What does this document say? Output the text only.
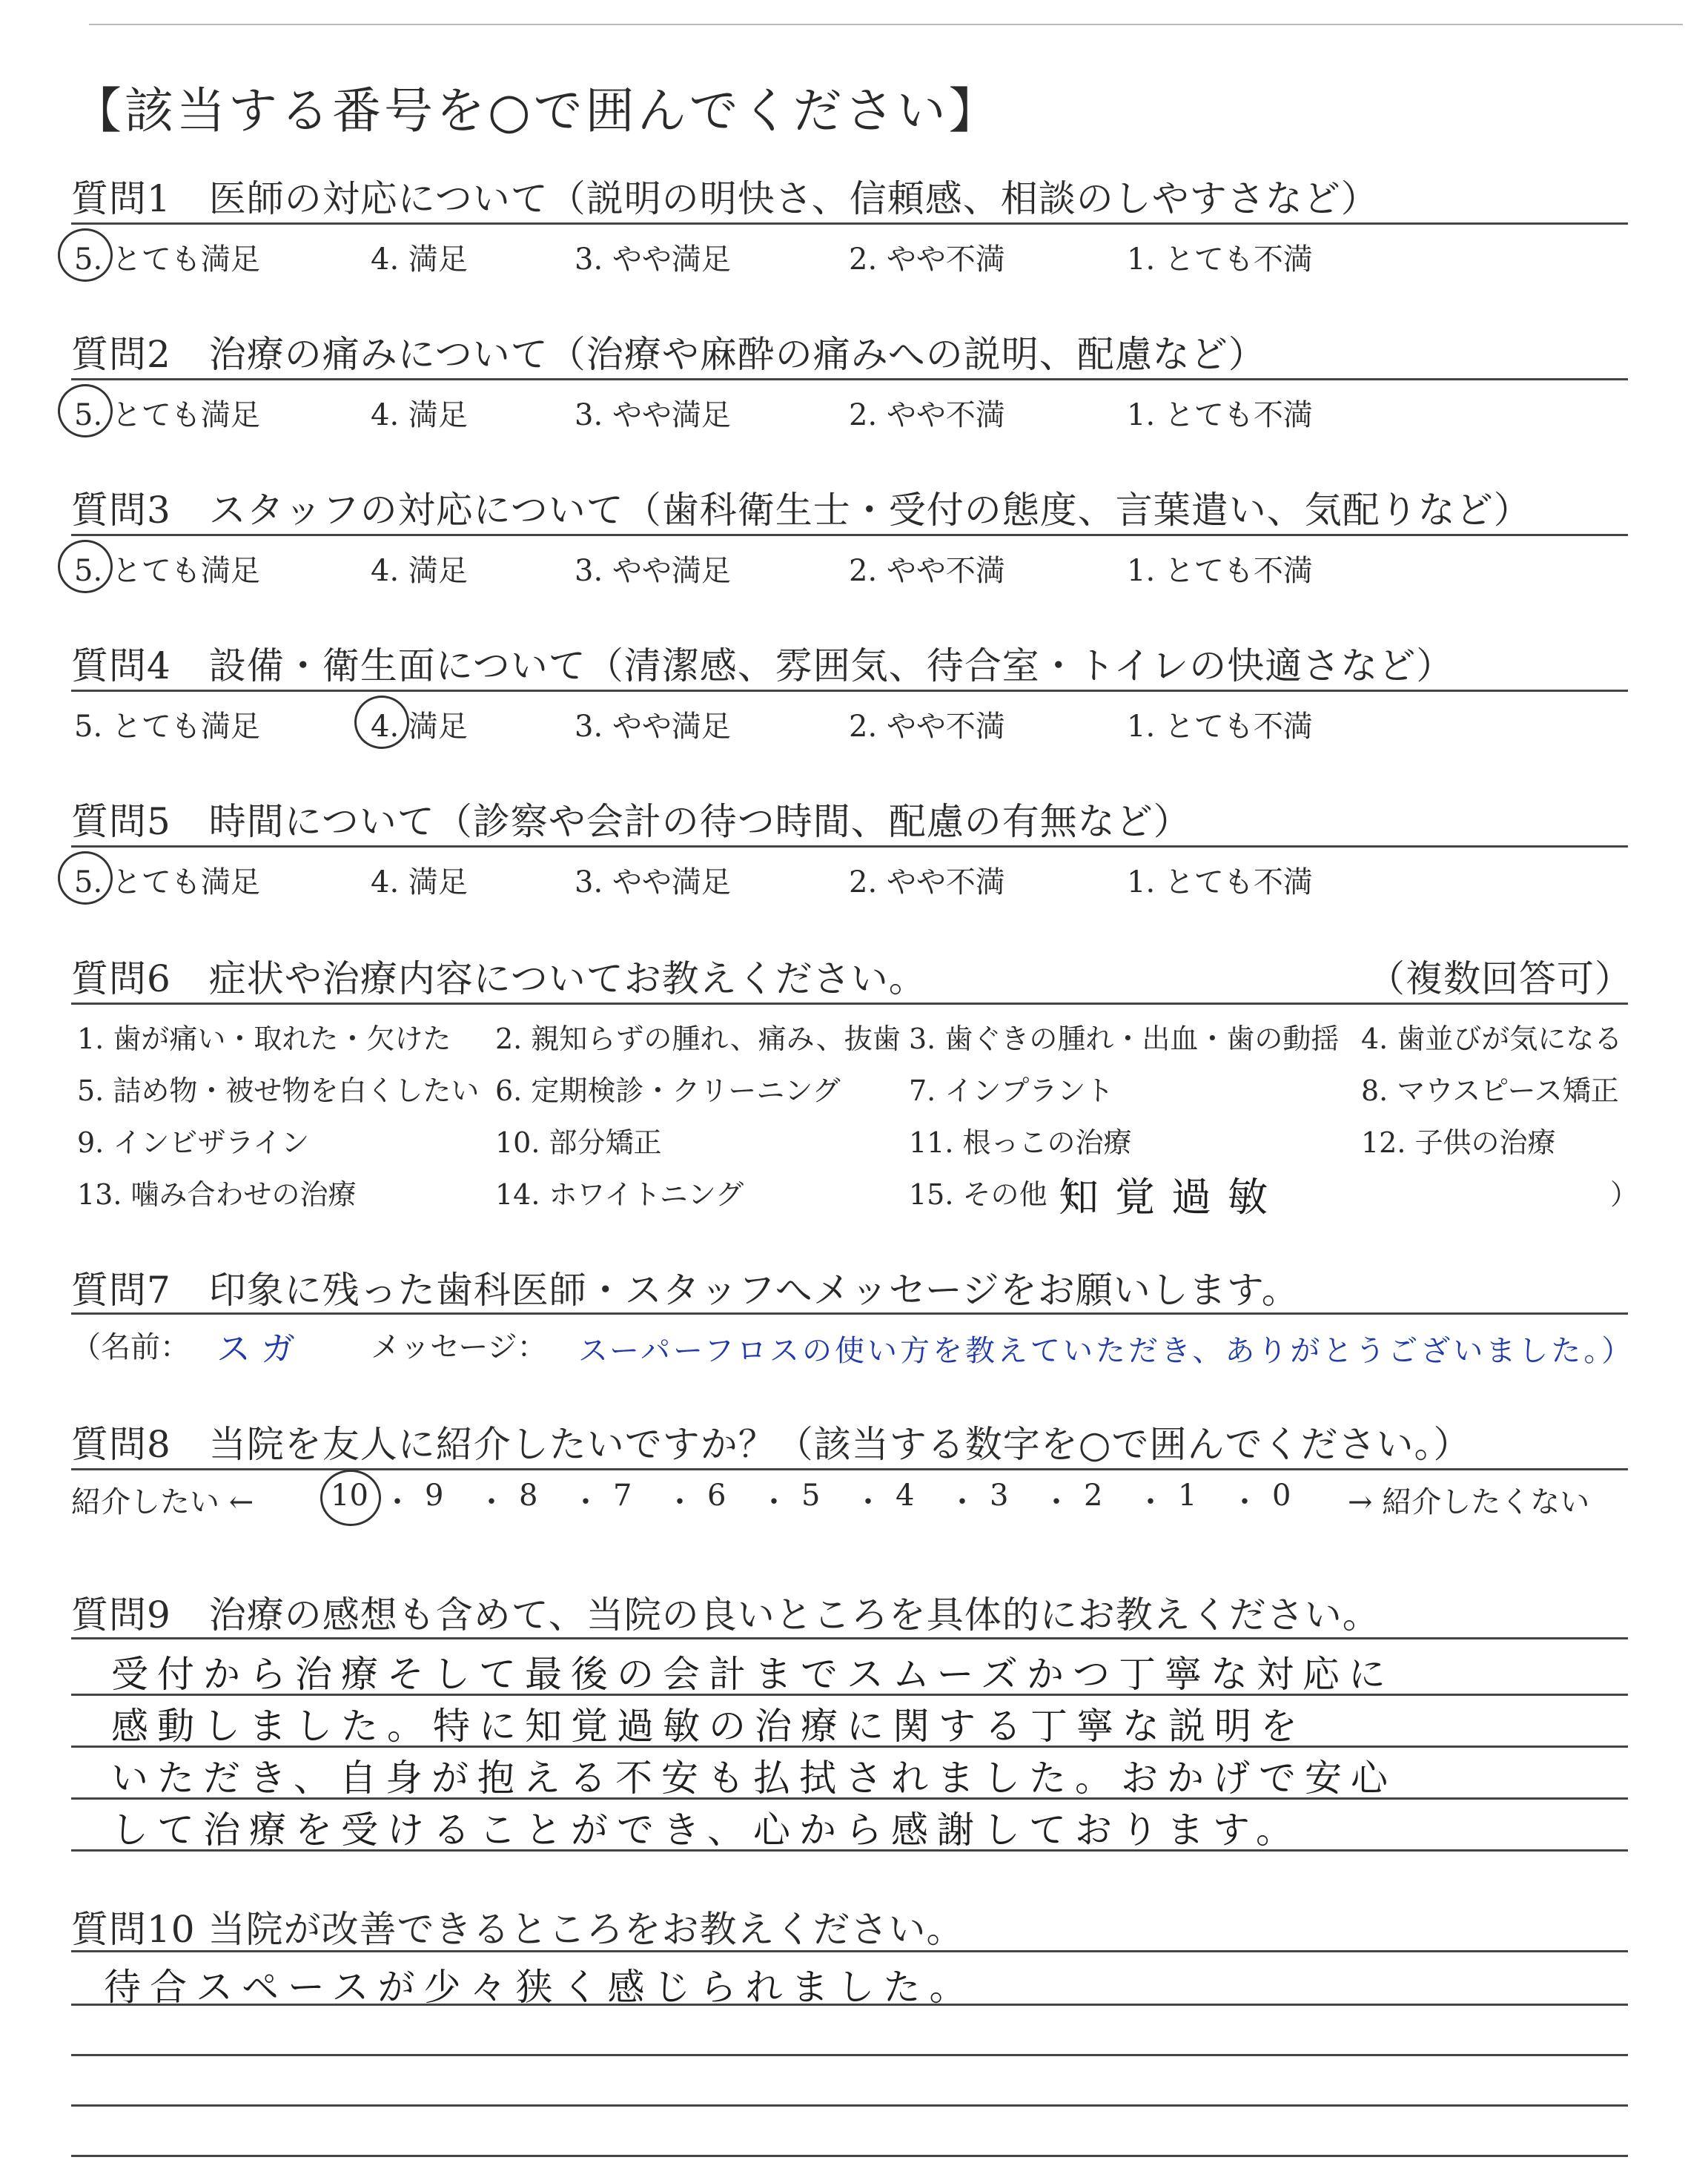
【該当する番号を○で囲んでください】
質問1　医師の対応について（説明の明快さ、信頼感、相談のしやすさなど）
5. とても満足	4. 満足	3. やや満足	2. やや不満	1. とても不満
質問2　治療の痛みについて（治療や麻酔の痛みへの説明、配慮など）
5. とても満足	4. 満足	3. やや満足	2. やや不満	1. とても不満
質問3　スタッフの対応について（歯科衛生士・受付の態度、言葉遣い、気配りなど）
5. とても満足	4. 満足	3. やや満足	2. やや不満	1. とても不満
質問4　設備・衛生面について（清潔感、雰囲気、待合室・トイレの快適さなど）
5. とても満足	4. 満足	3. やや満足	2. やや不満	1. とても不満
質問5　時間について（診察や会計の待つ時間、配慮の有無など）
5. とても満足	4. 満足	3. やや満足	2. やや不満	1. とても不満
質問6　症状や治療内容についてお教えください。	（複数回答可）
1. 歯が痛い・取れた・欠けた 2. 親知らずの腫れ、痛み、抜歯 3. 歯ぐきの腫れ・出血・歯の動揺 4. 歯並びが気になる
5. 詰め物・被せ物を白くしたい 6. 定期検診・クリーニング 7. インプラント	8. マウスピース矯正
9. インビザライン	10. 部分矯正	11. 根っこの治療	12. 子供の治療
13. 噛み合わせの治療	14. ホワイトニング	15. その他（	）
知覚過敏
質問7　印象に残った歯科医師・スタッフへメッセージをお願いします。
（名前： スガ メッセージ： スーパーフロスの使い方を教えていただき、ありがとうございました。）
質問8　当院を友人に紹介したいですか？（該当する数字を○で囲んでください。）
紹介したい ←	10 ・ 9 ・ 8 ・ 7 ・ 6 ・ 5 ・ 4 ・ 3 ・ 2 ・ 1 ・ 0 → 紹介したくない
質問9　治療の感想も含めて、当院の良いところを具体的にお教えください。
受付から治療そして最後の会計までスムーズかつ丁寧な対応に
感動しました。特に知覚過敏の治療に関する丁寧な説明を
いただき、自身が抱える不安も払拭されました。おかげで安心
して治療を受けることができ、心から感謝しております。
質問10 当院が改善できるところをお教えください。
待合スペースが少々狭く感じられました。
